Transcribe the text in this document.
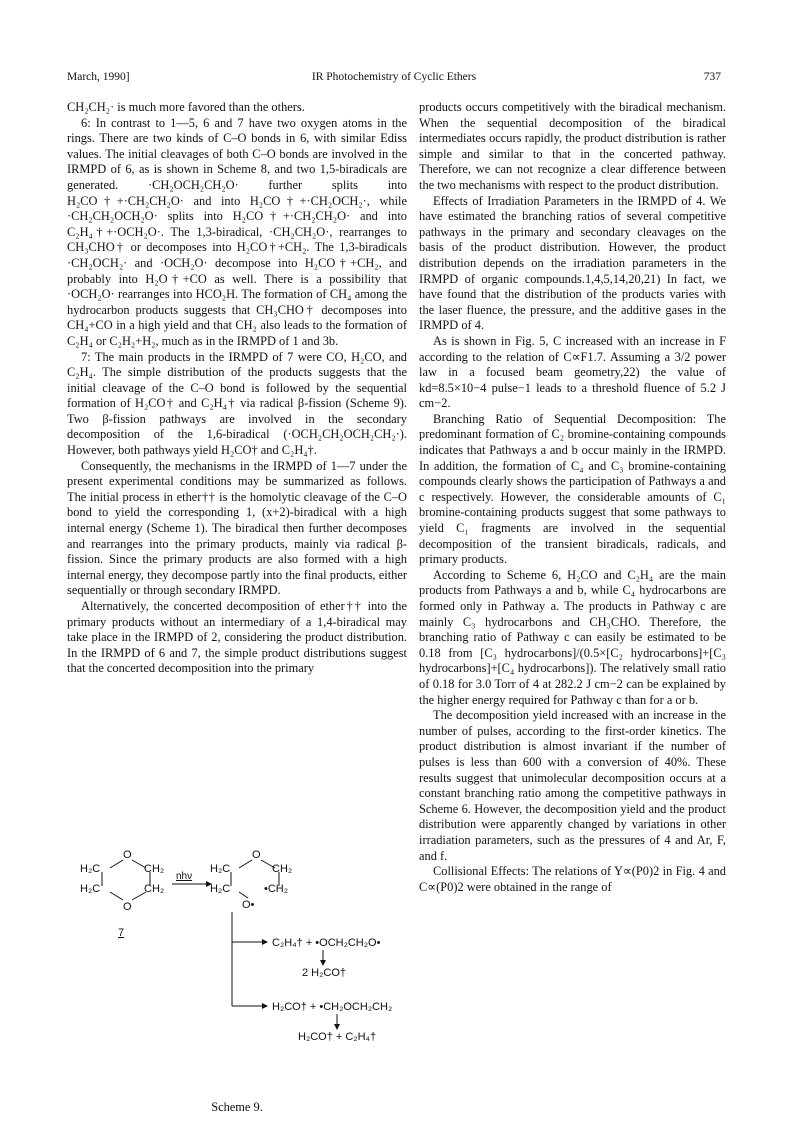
March, 1990]	IR Photochemistry of Cyclic Ethers	737

CH₂CH₂· is much more favored than the others.

6: In contrast to 1—5, 6 and 7 have two oxygen atoms in the rings. There are two kinds of C–O bonds in 6, with similar Ediss values. The initial cleavages of both C–O bonds are involved in the IRMPD of 6, as is shown in Scheme 8, and two 1,5-biradicals are generated. ·CH₂OCH₂CH₂O· further splits into H₂CO†+·CH₂CH₂O· and into H₂CO†+·CH₂OCH₂·, while ·CH₂CH₂OCH₂O· splits into H₂CO†+·CH₂CH₂O· and into C₂H₄†+·OCH₂O·. The 1,3-biradical, ·CH₂CH₂O·, rearranges to CH₃CHO† or decomposes into H₂CO†+CH₂. The 1,3-biradicals ·CH₂OCH₂· and ·OCH₂O· decompose into H₂CO†+CH₂, and probably into H₂O†+CO as well. There is a possibility that ·OCH₂O· rearranges into HCO₂H. The formation of CH₄ among the hydrocarbon products suggests that CH₃CHO† decomposes into CH₄+CO in a high yield and that CH₂ also leads to the formation of C₂H₄ or C₂H₂+H₂, much as in the IRMPD of 1 and 3b.

7: The main products in the IRMPD of 7 were CO, H₂CO, and C₂H₄. The simple distribution of the products suggests that the initial cleavage of the C–O bond is followed by the sequential formation of H₂CO† and C₂H₄† via radical β-fission (Scheme 9). Two β-fission pathways are involved in the secondary decomposition of the 1,6-biradical (·OCH₂CH₂OCH₂CH₂·). However, both pathways yield H₂CO† and C₂H₄†.

Consequently, the mechanisms in the IRMPD of 1—7 under the present experimental conditions may be summarized as follows. The initial process in ether†† is the homolytic cleavage of the C–O bond to yield the corresponding 1, (x+2)-biradical with a high internal energy (Scheme 1). The biradical then further decomposes and rearranges into the primary products, mainly via radical β-fission. Since the primary products are also formed with a high internal energy, they decompose partly into the final products, either sequentially or through secondary IRMPD.

Alternatively, the concerted decomposition of ether†† into the primary products without an intermediary of a 1,4-biradical may take place in the IRMPD of 2, considering the product distribution. In the IRMPD of 6 and 7, the simple product distributions suggest that the concerted decomposition into the primary

products occurs competitively with the biradical mechanism. When the sequential decomposition of the biradical intermediates occurs rapidly, the product distribution is rather simple and similar to that in the concerted pathway. Therefore, we can not recognize a clear difference between the two mechanisms with respect to the product distribution.

Effects of Irradiation Parameters in the IRMPD of 4. We have estimated the branching ratios of several competitive pathways in the primary and secondary cleavages on the basis of the product distribution. However, the product distribution depends on the irradiation parameters in the IRMPD of organic compounds.1,4,5,14,20,21) In fact, we have found that the distribution of the products varies with the laser fluence, the pressure, and the additive gases in the IRMPD of 4.

As is shown in Fig. 5, C increased with an increase in F according to the relation of C∝F1.7. Assuming a 3/2 power law in a focused beam geometry,22) the value of kd=8.5×10−4 pulse−1 leads to a threshold fluence of 5.2 J cm−2.

Branching Ratio of Sequential Decomposition: The predominant formation of C₂ bromine-containing compounds indicates that Pathways a and b occur mainly in the IRMPD. In addition, the formation of C₄ and C₃ bromine-containing compounds clearly shows the participation of Pathways a and c respectively. However, the considerable amounts of C₁ bromine-containing products suggest that some pathways to yield C₁ fragments are involved in the sequential decomposition of the transient biradicals, radicals, and primary products.

According to Scheme 6, H₂CO and C₂H₄ are the main products from Pathways a and b, while C₄ hydrocarbons are formed only in Pathway a. The products in Pathway c are mainly C₃ hydrocarbons and CH₃CHO. Therefore, the branching ratio of Pathway c can easily be estimated to be 0.18 from [C₃ hydrocarbons]/(0.5×[C₂ hydrocarbons]+[C₃ hydrocarbons]+[C₄ hydrocarbons]). The relatively small ratio of 0.18 for 3.0 Torr of 4 at 282.2 J cm−2 can be explained by the higher energy required for Pathway c than for a or b.

The decomposition yield increased with an increase in the number of pulses, according to the first-order kinetics. The product distribution is almost invariant if the number of pulses is less than 600 with a conversion of 40%. These results suggest that unimolecular decomposition occurs at a constant branching ratio among the competitive pathways in Scheme 6. However, the decomposition yield and the product distribution were apparently changed by variations in other irradiation parameters, such as the pressures of 4 and Ar, F, and f.

Collisional Effects: The relations of Y∝(P0)2 in Fig. 4 and C∝(P0)2 were obtained in the range of

O
H₂C	CH₂
H₂C	CH₂
O
7
nhν
O
H₂C	CH₂
H₂C	•CH₂
O•
C₂H₄† + •OCH₂CH₂O•
2 H₂CO†
H₂CO† + •CH₂OCH₂CH₂
H₂CO† + C₂H₄†
Scheme 9.
